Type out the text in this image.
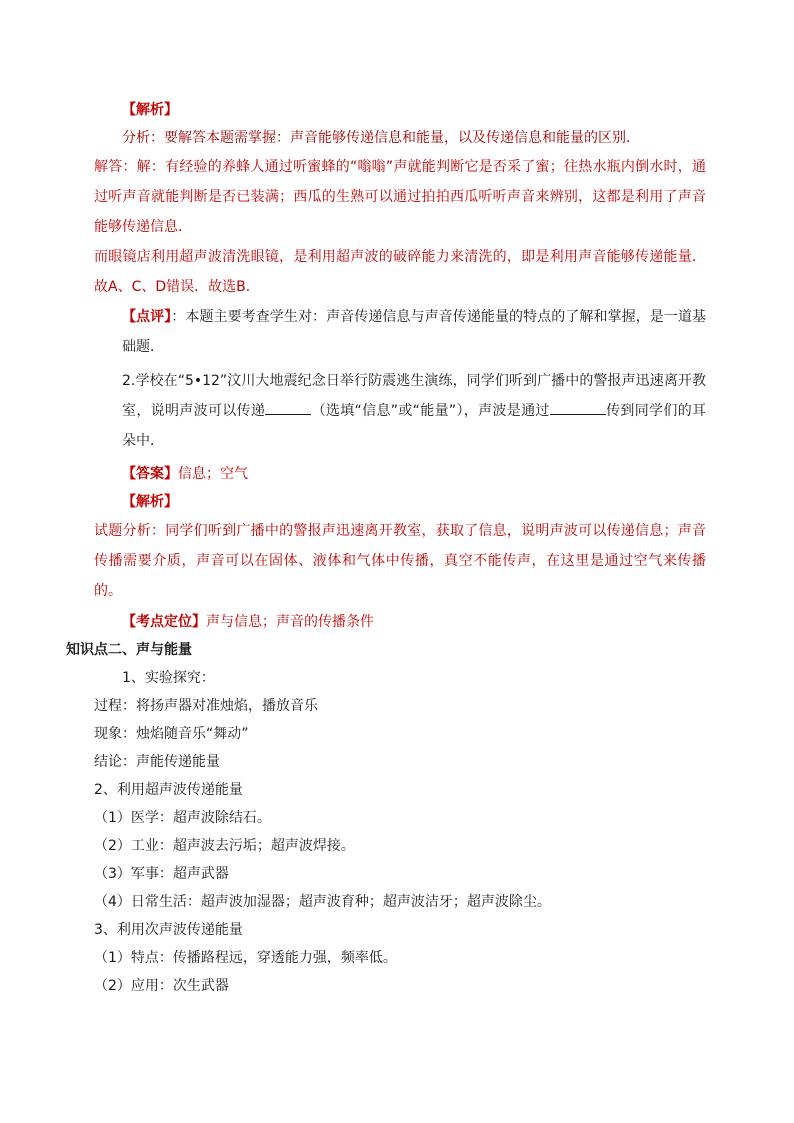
【解析】

分析：要解答本题需掌握：声音能够传递信息和能量，以及传递信息和能量的区别．

解答：解：有经验的养蜂人通过听蜜蜂的“嗡嗡”声就能判断它是否采了蜜；往热水瓶内倒水时，通过听声音就能判断是否已装满；西瓜的生熟可以通过拍拍西瓜听听声音来辨别，这都是利用了声音能够传递信息．

而眼镜店利用超声波清洗眼镜，是利用超声波的破碎能力来清洗的，即是利用声音能够传递能量．故A、C、D错误．故选B．

【点评】：本题主要考查学生对：声音传递信息与声音传递能量的特点的了解和掌握，是一道基础题．

2.学校在“5•12”汶川大地震纪念日举行防震逃生演练，同学们听到广播中的警报声迅速离开教室，说明声波可以传递	（选填“信息”或“能量”），声波是通过	传到同学们的耳朵中．

【答案】信息；空气

【解析】

试题分析：同学们听到广播中的警报声迅速离开教室，获取了信息，说明声波可以传递信息；声音传播需要介质，声音可以在固体、液体和气体中传播，真空不能传声，在这里是通过空气来传播的。

【考点定位】声与信息；声音的传播条件

知识点二、声与能量

1、实验探究：

过程：将扬声器对准烛焰，播放音乐

现象：烛焰随音乐“舞动”

结论：声能传递能量

2、利用超声波传递能量

（1）医学：超声波除结石。

（2）工业：超声波去污垢；超声波焊接。

（3）军事：超声武器

（4）日常生活：超声波加湿器；超声波育种；超声波洁牙；超声波除尘。

3、利用次声波传递能量

（1）特点：传播路程远，穿透能力强，频率低。

（2）应用：次生武器
